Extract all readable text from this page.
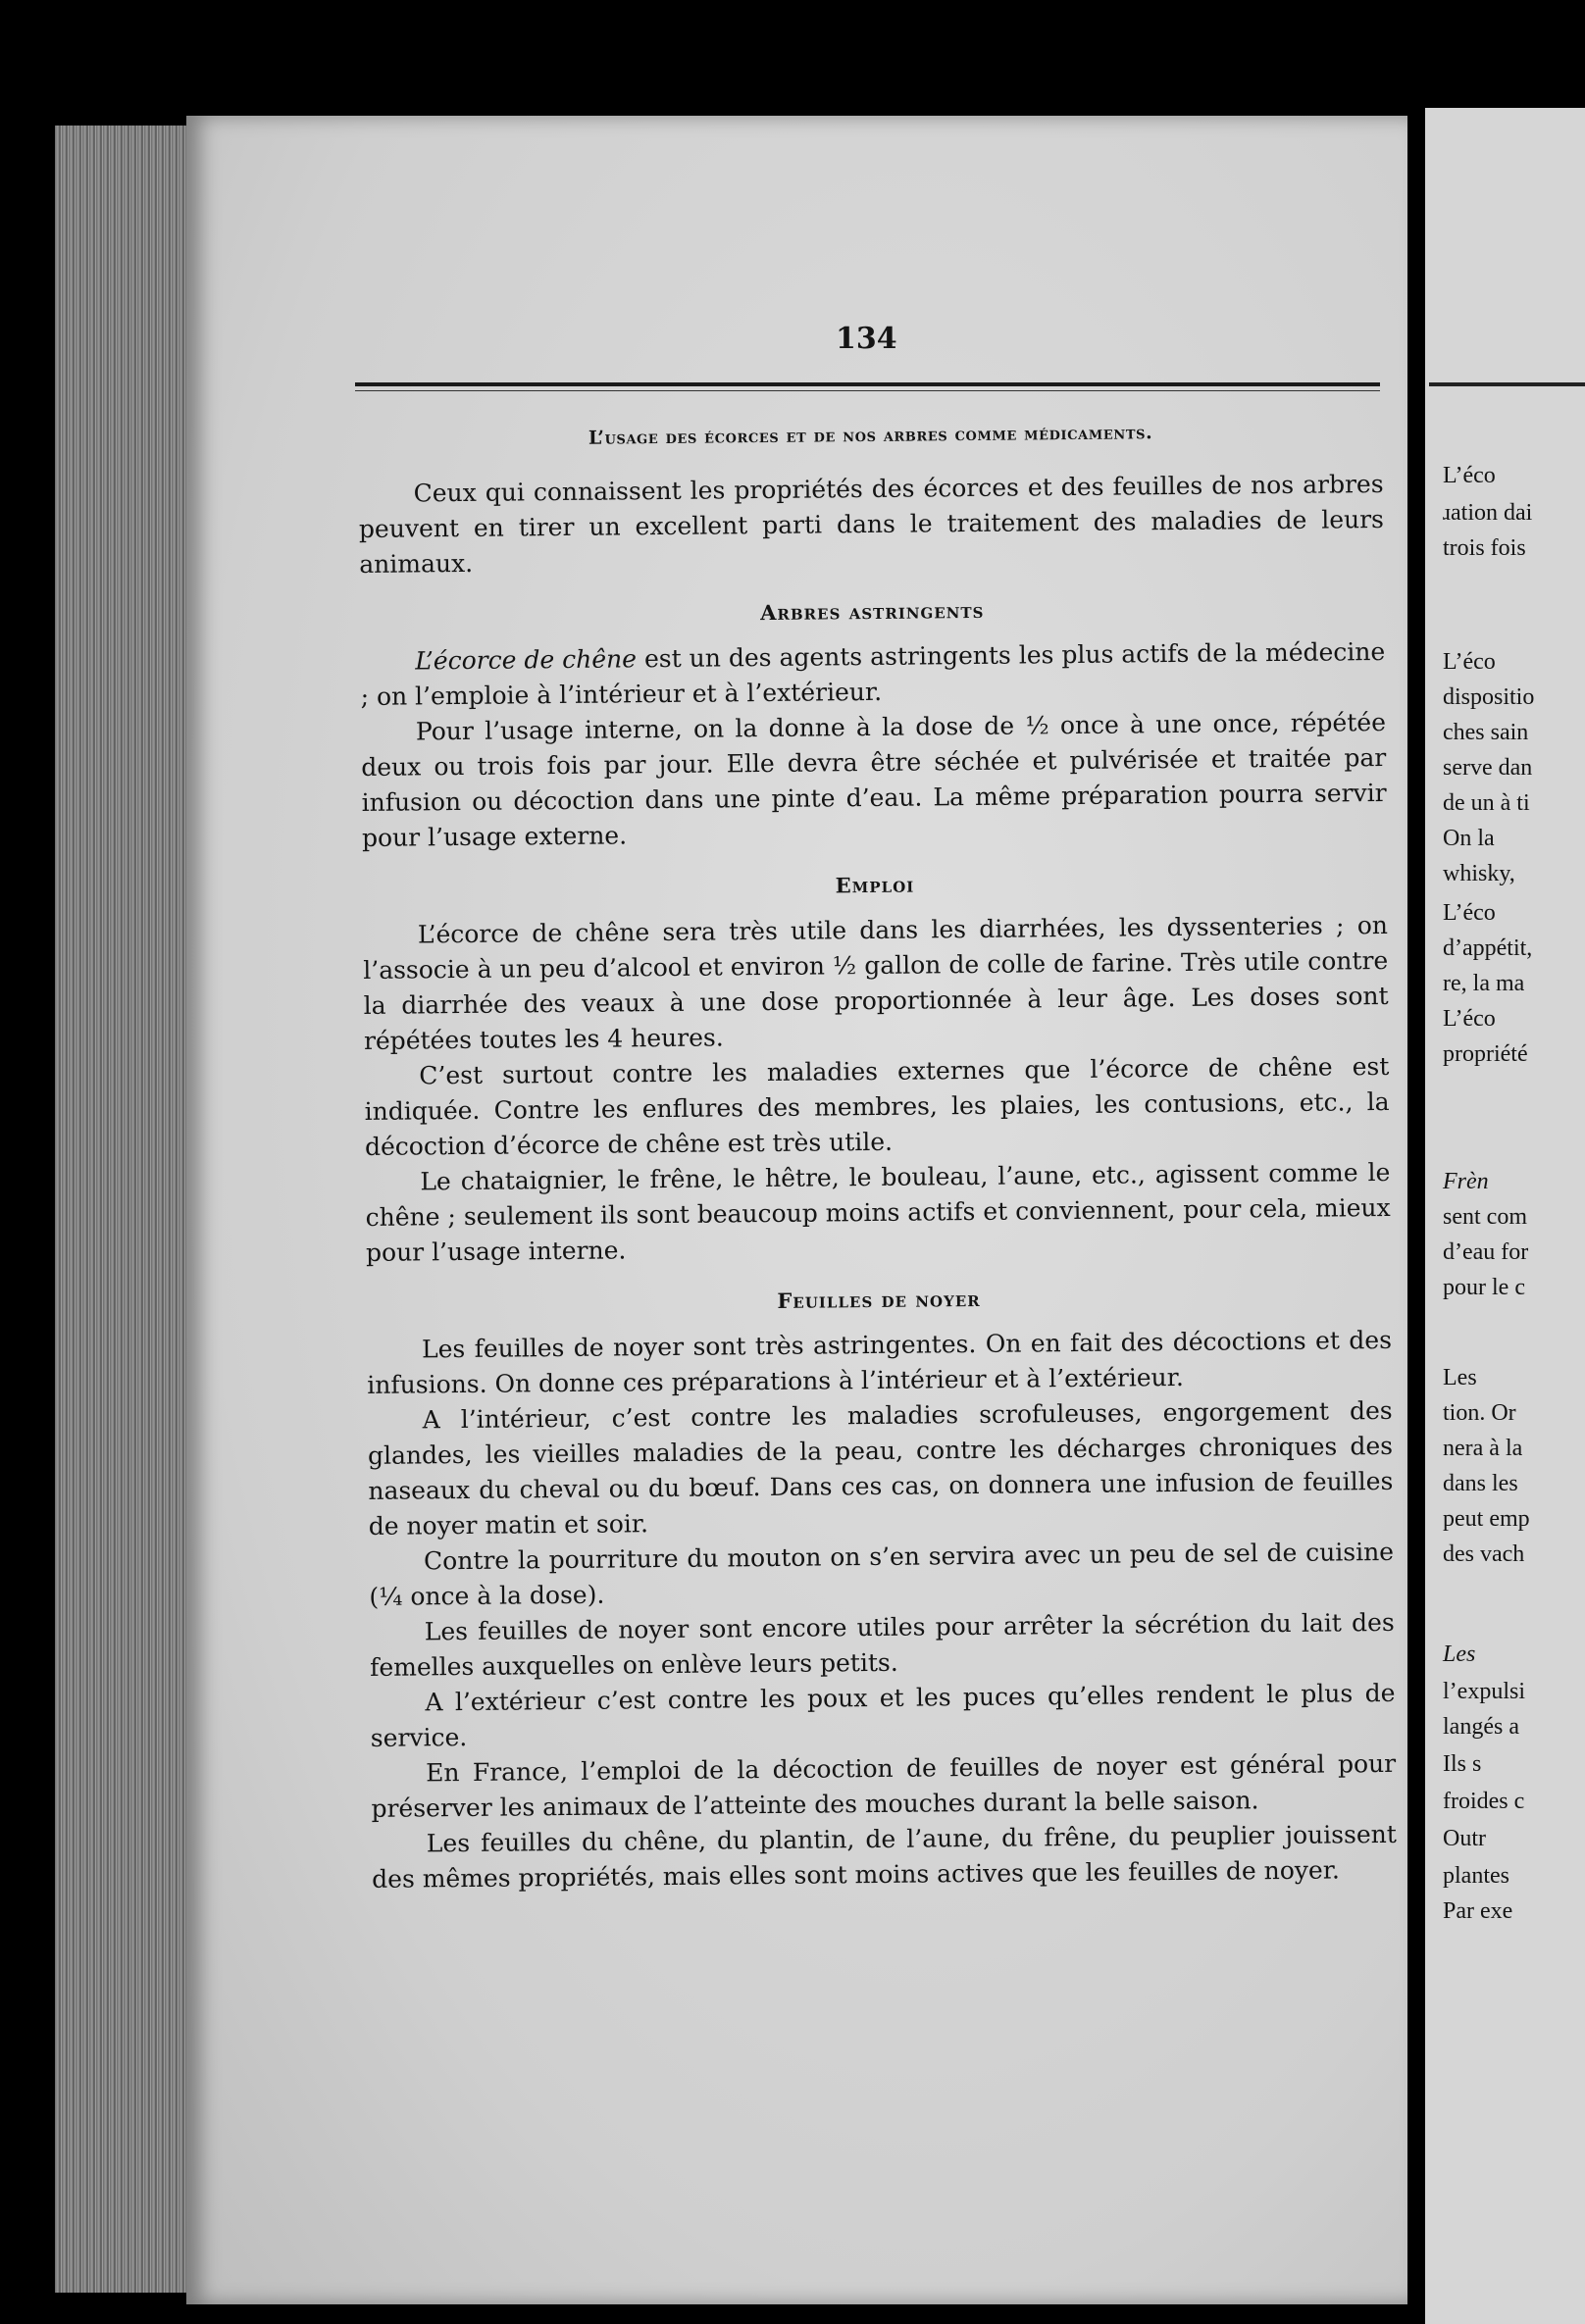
L’éco
ɹation dai
trois fois
L’éco
dispositio
ches sain
serve dan
de un à ti
On la
whisky,
L’éco
d’appétit,
re, la ma
L’éco
propriété
Frèn
sent com
d’eau for
pour le c
Les
tion. Or
nera à la
dans les
peut emp
des vach
Les
l’expulsi
langés a
Ils s
froides c
Outr
plantes
Par exe
134
L’usage des écorces et de nos arbres comme médicaments.

Ceux qui connaissent les propriétés des écorces et des feuilles de nos arbres peuvent en tirer un excellent parti dans le traitement des maladies de leurs animaux.

Arbres astringents

L’écorce de chêne est un des agents astringents les plus actifs de la médecine ; on l’emploie à l’intérieur et à l’extérieur.

Pour l’usage interne, on la donne à la dose de ½ once à une once, répétée deux ou trois fois par jour. Elle devra être séchée et pulvérisée et traitée par infusion ou décoction dans une pinte d’eau. La même préparation pourra servir pour l’usage externe.

Emploi

L’écorce de chêne sera très utile dans les diarrhées, les dyssenteries ; on l’associe à un peu d’alcool et environ ½ gallon de colle de farine. Très utile contre la diarrhée des veaux à une dose proportionnée à leur âge. Les doses sont répétées toutes les 4 heures.

C’est surtout contre les maladies externes que l’écorce de chêne est indiquée. Contre les enflures des membres, les plaies, les contusions, etc., la décoction d’écorce de chêne est très utile.

Le chataignier, le frêne, le hêtre, le bouleau, l’aune, etc., agissent comme le chêne ; seulement ils sont beaucoup moins actifs et conviennent, pour cela, mieux pour l’usage interne.

Feuilles de noyer

Les feuilles de noyer sont très astringentes. On en fait des décoctions et des infusions. On donne ces préparations à l’intérieur et à l’extérieur.

A l’intérieur, c’est contre les maladies scrofuleuses, engorgement des glandes, les vieilles maladies de la peau, contre les décharges chroniques des naseaux du cheval ou du bœuf. Dans ces cas, on donnera une infusion de feuilles de noyer matin et soir.

Contre la pourriture du mouton on s’en servira avec un peu de sel de cuisine (¼ once à la dose).

Les feuilles de noyer sont encore utiles pour arrêter la sécrétion du lait des femelles auxquelles on enlève leurs petits.

A l’extérieur c’est contre les poux et les puces qu’elles rendent le plus de service.

En France, l’emploi de la décoction de feuilles de noyer est général pour préserver les animaux de l’atteinte des mouches durant la belle saison.

Les feuilles du chêne, du plantin, de l’aune, du frêne, du peuplier jouissent des mêmes propriétés, mais elles sont moins actives que les feuilles de noyer.
